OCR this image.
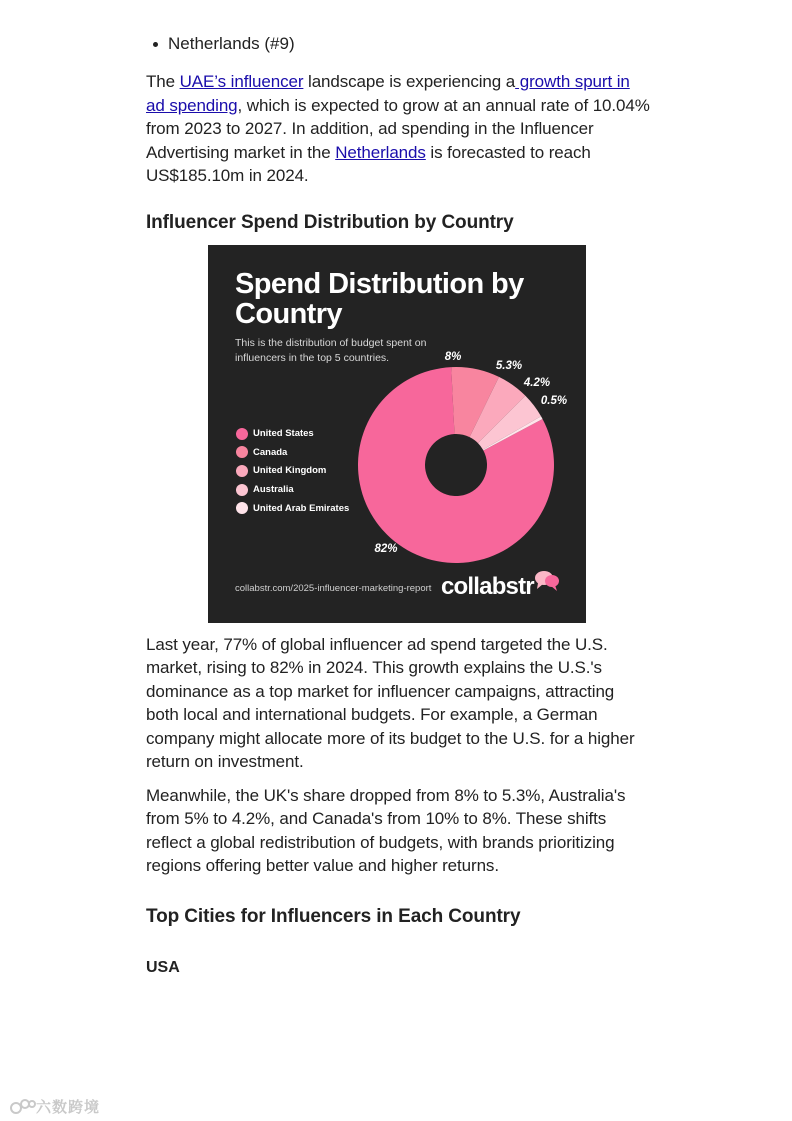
Netherlands (#9)

The UAE’s influencer landscape is experiencing a growth spurt in ad spending, which is expected to grow at an annual rate of 10.04% from 2023 to 2027. In addition, ad spending in the Influencer Advertising market in the Netherlands is forecasted to reach US$185.10m in 2024.

Influencer Spend Distribution by Country
Spend Distribution by Country
This is the distribution of budget spent on influencers in the top 5 countries.
United States
Canada
United Kingdom
Australia
United Arab Emirates
82%
8%
5.3%
4.2%
0.5%
collabstr.com/2025-influencer-marketing-report collabstr

Last year, 77% of global influencer ad spend targeted the U.S. market, rising to 82% in 2024. This growth explains the U.S.'s dominance as a top market for influencer campaigns, attracting both local and international budgets. For example, a German company might allocate more of its budget to the U.S. for a higher return on investment.

Meanwhile, the UK's share dropped from 8% to 5.3%, Australia's from 5% to 4.2%, and Canada's from 10% to 8%. These shifts reflect a global redistribution of budgets, with brands prioritizing regions offering better value and higher returns.

Top Cities for Influencers in Each Country
USA
六数跨境
